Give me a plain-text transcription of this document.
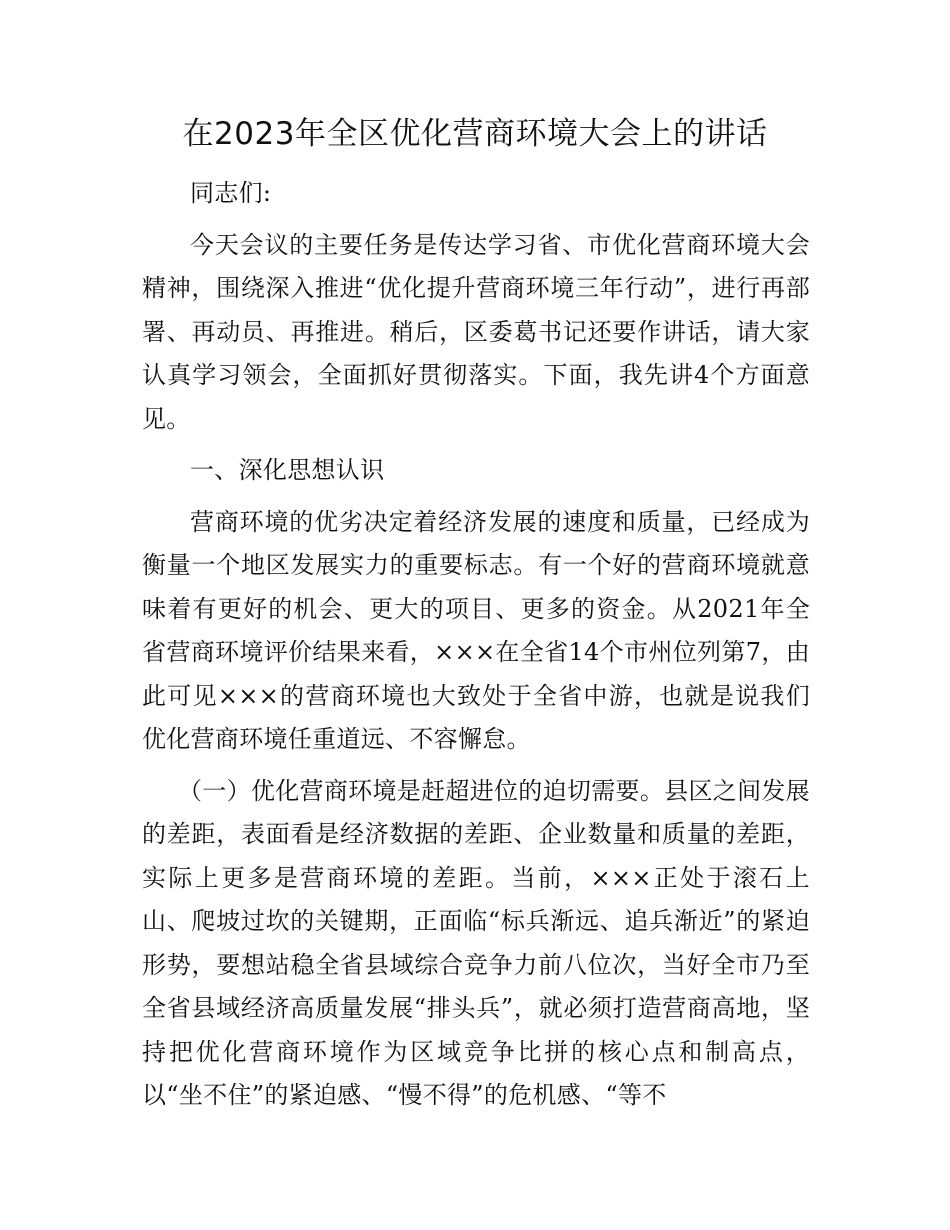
在2023年全区优化营商环境大会上的讲话

同志们:

今天会议的主要任务是传达学习省、市优化营商环境大会精神，围绕深入推进“优化提升营商环境三年行动”，进行再部署、再动员、再推进。稍后，区委葛书记还要作讲话，请大家认真学习领会，全面抓好贯彻落实。下面，我先讲4个方面意见。

一、深化思想认识

营商环境的优劣决定着经济发展的速度和质量，已经成为衡量一个地区发展实力的重要标志。有一个好的营商环境就意味着有更好的机会、更大的项目、更多的资金。从2021年全省营商环境评价结果来看，×××在全省14个市州位列第7，由此可见×××的营商环境也大致处于全省中游，也就是说我们优化营商环境任重道远、不容懈怠。

（一）优化营商环境是赶超进位的迫切需要。县区之间发展的差距，表面看是经济数据的差距、企业数量和质量的差距，实际上更多是营商环境的差距。当前，×××正处于滚石上山、爬坡过坎的关键期，正面临“标兵渐远、追兵渐近”的紧迫形势，要想站稳全省县域综合竞争力前八位次，当好全市乃至全省县域经济高质量发展“排头兵”，就必须打造营商高地，坚持把优化营商环境作为区域竞争比拼的核心点和制高点，以“坐不住”的紧迫感、“慢不得”的危机感、“等不
